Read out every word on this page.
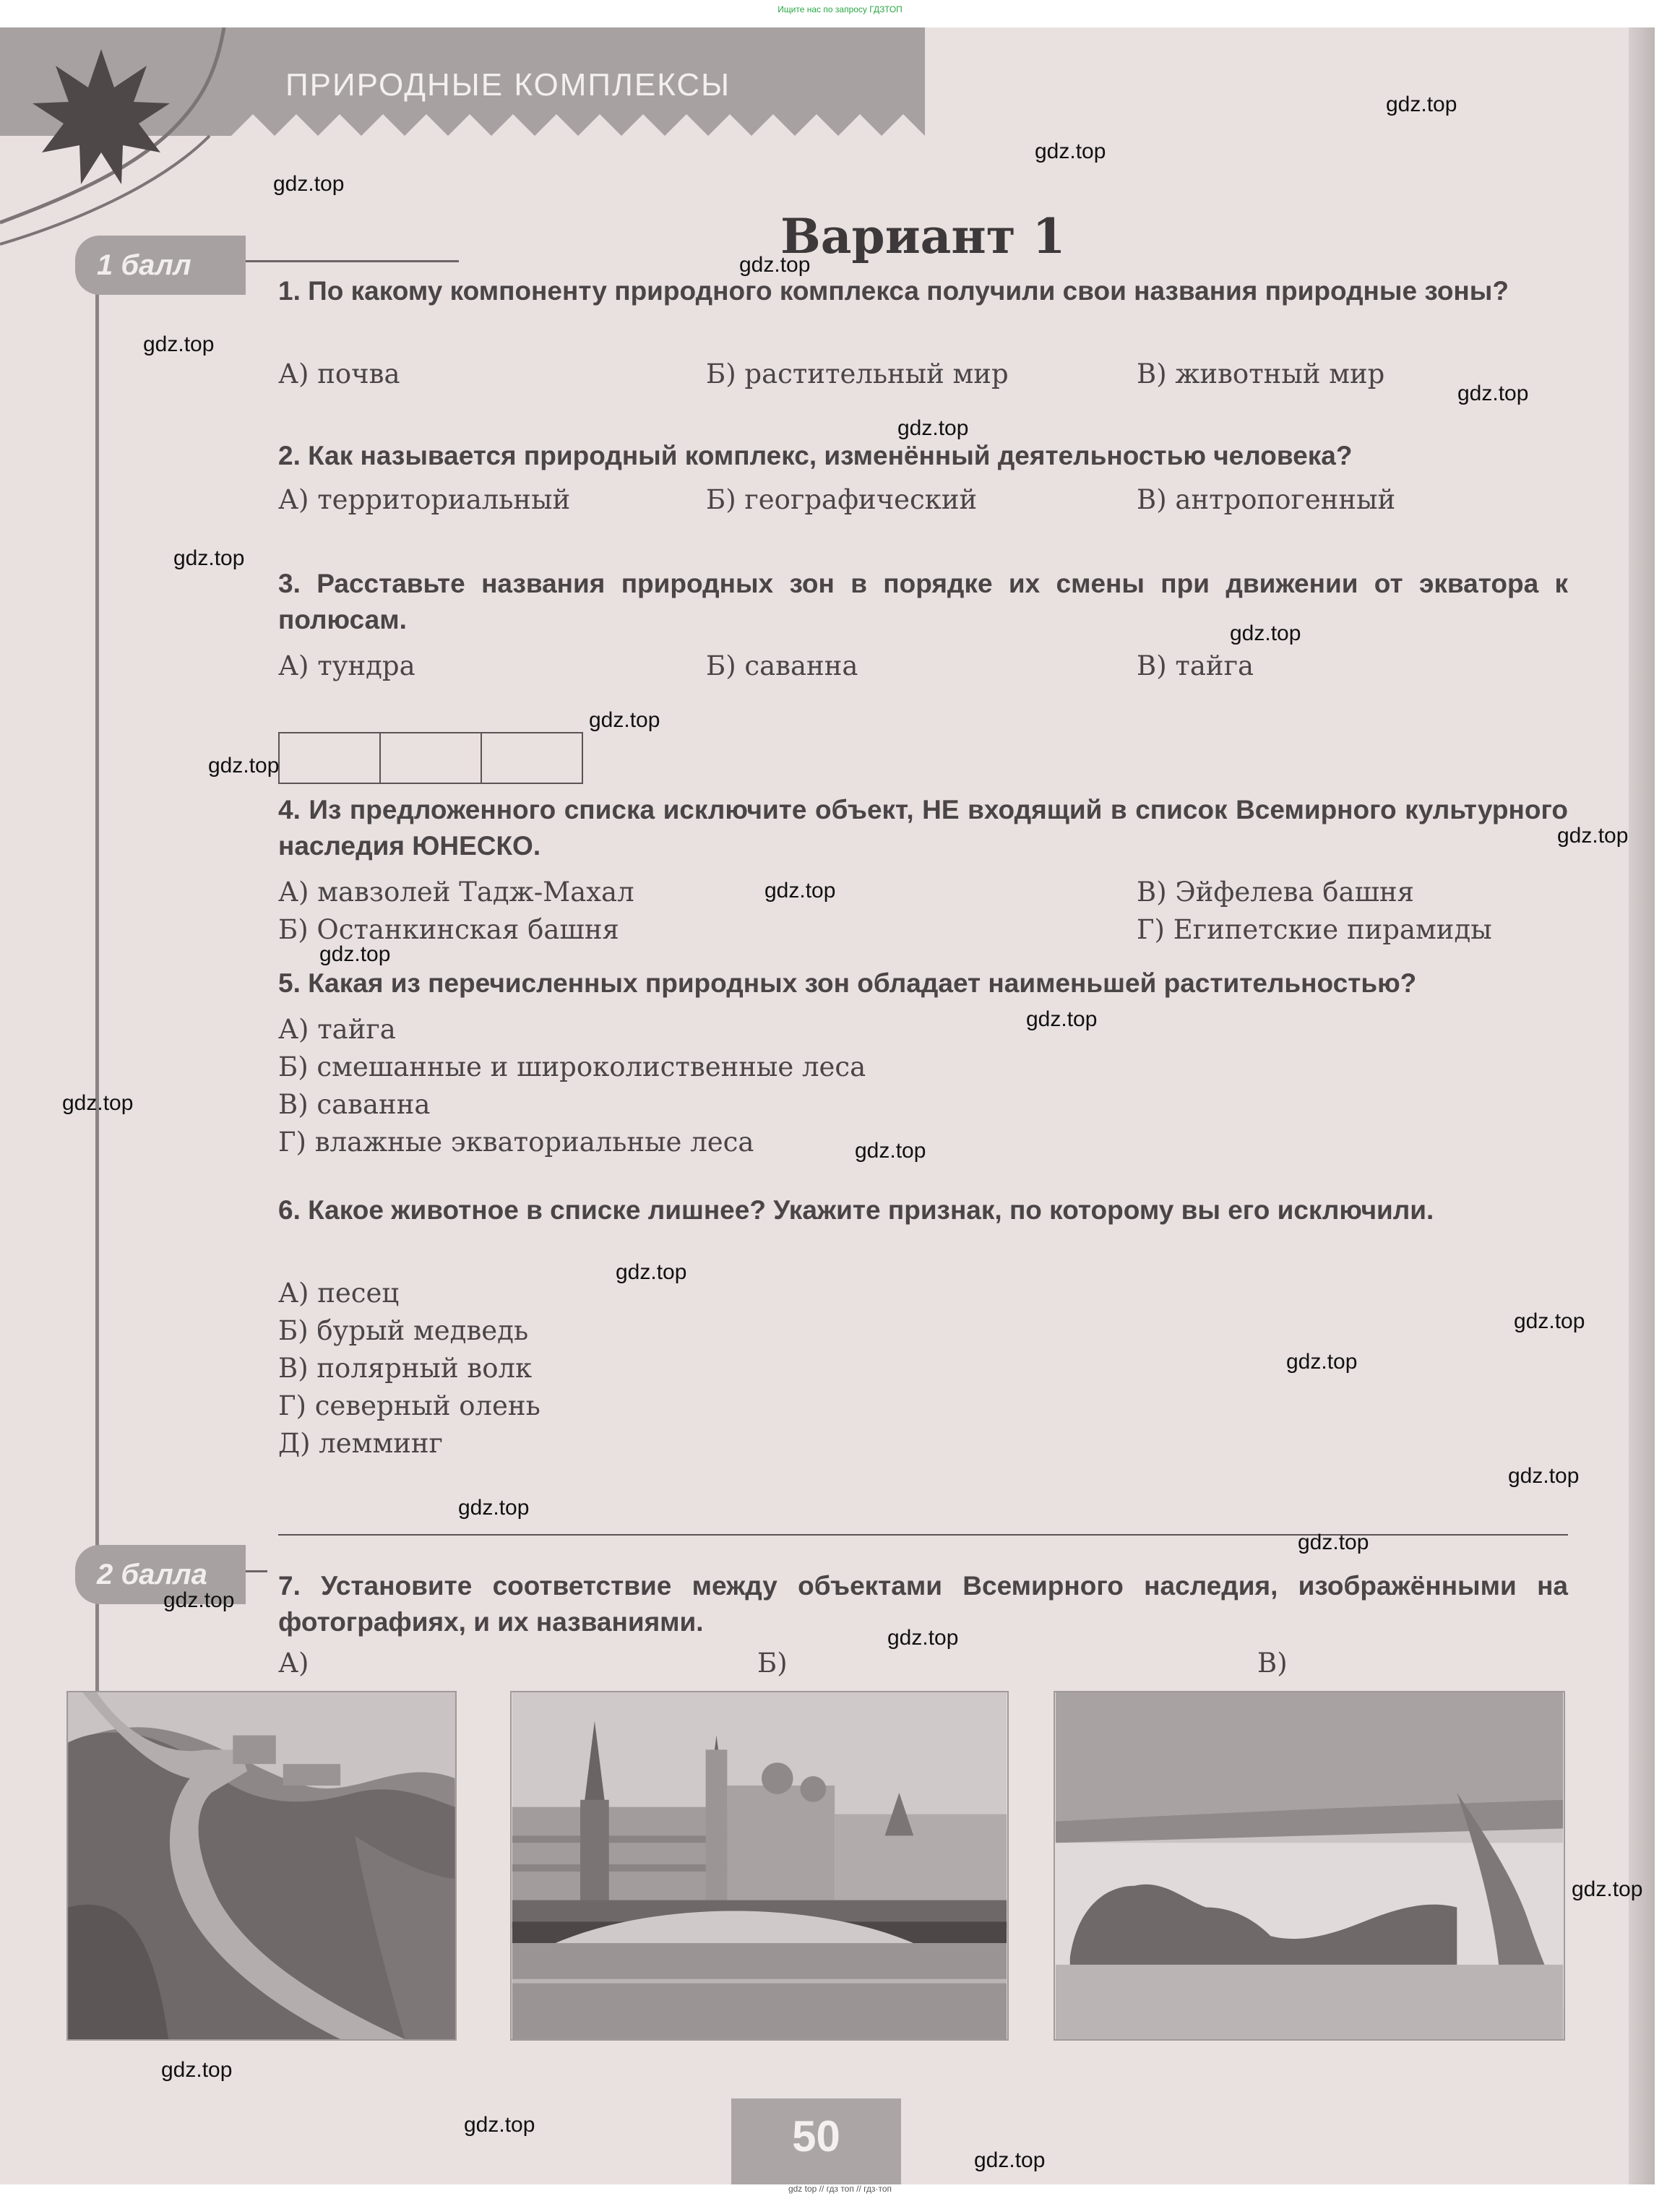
Ищите нас по запросу ГДЗТОП
ПРИРОДНЫЕ КОМПЛЕКСЫ
Вариант 1
1 балл
1. По какому компоненту природного комплекса получили свои названия природные зоны?
А) почва	Б) растительный мир	В) животный мир
2. Как называется природный комплекс, изменённый деятельностью человека?
А) территориальный	Б) географический	В) антропогенный
3. Расставьте названия природных зон в порядке их смены при движении от экватора к полюсам.
А) тундра	Б) саванна	В) тайга
4. Из предложенного списка исключите объект, НЕ входящий в список Всемирного культурного наследия ЮНЕСКО.
А) мавзолей Тадж-Махал
Б) Останкинская башня
В) Эйфелева башня
Г) Египетские пирамиды
5. Какая из перечисленных природных зон обладает наименьшей растительностью?
А) тайга
Б) смешанные и широколиственные леса
В) саванна
Г) влажные экваториальные леса
6. Какое животное в списке лишнее? Укажите признак, по которому вы его исключили.
А) песец
Б) бурый медведь
В) полярный волк
Г) северный олень
Д) лемминг
2 балла	7. Установите соответствие между объектами Всемирного наследия, изображёнными на фотографиях, и их названиями.
А)	Б)	В)
50
gdz.top
gdz.top
gdz.top
gdz.top
gdz.top
gdz.top
gdz.top
gdz.top
gdz.top
gdz.top
gdz.top
gdz.top
gdz.top
gdz.top
gdz.top
gdz.top
gdz.top
gdz.top
gdz.top
gdz.top
gdz.top
gdz.top
gdz.top
gdz.top
gdz.top
gdz.top
gdz.top
gdz.top
gdz.top
gdz top // гдз топ // гдз·топ
